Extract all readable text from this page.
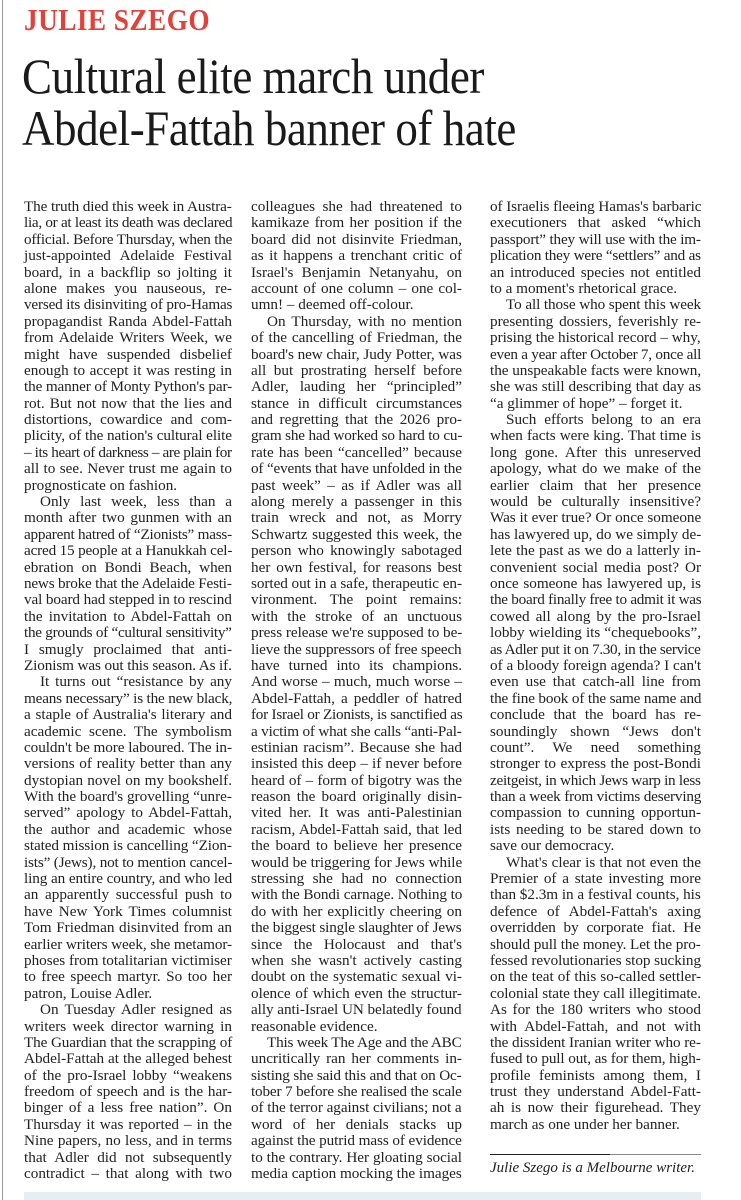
JULIE SZEGO
Cultural elite march under
Abdel-Fattah banner of hate
The truth died this week in Austra-
lia, or at least its death was declared
official. Before Thursday, when the
just-appointed Adelaide Festival
board, in a backflip so jolting it
alone makes you nauseous, re-
versed its disinviting of pro-Hamas
propagandist Randa Abdel-Fattah
from Adelaide Writers Week, we
might have suspended disbelief
enough to accept it was resting in
the manner of Monty Python's par-
rot. But not now that the lies and
distortions, cowardice and com-
plicity, of the nation's cultural elite
– its heart of darkness – are plain for
all to see. Never trust me again to
prognosticate on fashion.
Only last week, less than a
month after two gunmen with an
apparent hatred of “Zionists” mass-
acred 15 people at a Hanukkah cel-
ebration on Bondi Beach, when
news broke that the Adelaide Festi-
val board had stepped in to rescind
the invitation to Abdel-Fattah on
the grounds of “cultural sensitivity”
I smugly proclaimed that anti-
Zionism was out this season. As if.
It turns out “resistance by any
means necessary” is the new black,
a staple of Australia's literary and
academic scene. The symbolism
couldn't be more laboured. The in-
versions of reality better than any
dystopian novel on my bookshelf.
With the board's grovelling “unre-
served” apology to Abdel-Fattah,
the author and academic whose
stated mission is cancelling “Zion-
ists” (Jews), not to mention cancel-
ling an entire country, and who led
an apparently successful push to
have New York Times columnist
Tom Friedman disinvited from an
earlier writers week, she metamor-
phoses from totalitarian victimiser
to free speech martyr. So too her
patron, Louise Adler.
On Tuesday Adler resigned as
writers week director warning in
The Guardian that the scrapping of
Abdel-Fattah at the alleged behest
of the pro-Israel lobby “weakens
freedom of speech and is the har-
binger of a less free nation”. On
Thursday it was reported – in the
Nine papers, no less, and in terms
that Adler did not subsequently
contradict – that along with two
colleagues she had threatened to
kamikaze from her position if the
board did not disinvite Friedman,
as it happens a trenchant critic of
Israel's Benjamin Netanyahu, on
account of one column – one col-
umn! – deemed off-colour.
On Thursday, with no mention
of the cancelling of Friedman, the
board's new chair, Judy Potter, was
all but prostrating herself before
Adler, lauding her “principled”
stance in difficult circumstances
and regretting that the 2026 pro-
gram she had worked so hard to cu-
rate has been “cancelled” because
of “events that have unfolded in the
past week” – as if Adler was all
along merely a passenger in this
train wreck and not, as Morry
Schwartz suggested this week, the
person who knowingly sabotaged
her own festival, for reasons best
sorted out in a safe, therapeutic en-
vironment. The point remains:
with the stroke of an unctuous
press release we're supposed to be-
lieve the suppressors of free speech
have turned into its champions.
And worse – much, much worse –
Abdel-Fattah, a peddler of hatred
for Israel or Zionists, is sanctified as
a victim of what she calls “anti-Pal-
estinian racism”. Because she had
insisted this deep – if never before
heard of – form of bigotry was the
reason the board originally disin-
vited her. It was anti-Palestinian
racism, Abdel-Fattah said, that led
the board to believe her presence
would be triggering for Jews while
stressing she had no connection
with the Bondi carnage. Nothing to
do with her explicitly cheering on
the biggest single slaughter of Jews
since the Holocaust and that's
when she wasn't actively casting
doubt on the systematic sexual vi-
olence of which even the structur-
ally anti-Israel UN belatedly found
reasonable evidence.
This week The Age and the ABC
uncritically ran her comments in-
sisting she said this and that on Oc-
tober 7 before she realised the scale
of the terror against civilians; not a
word of her denials stacks up
against the putrid mass of evidence
to the contrary. Her gloating social
media caption mocking the images
of Israelis fleeing Hamas's barbaric
executioners that asked “which
passport” they will use with the im-
plication they were “settlers” and as
an introduced species not entitled
to a moment's rhetorical grace.
To all those who spent this week
presenting dossiers, feverishly re-
prising the historical record – why,
even a year after October 7, once all
the unspeakable facts were known,
she was still describing that day as
“a glimmer of hope” – forget it.
Such efforts belong to an era
when facts were king. That time is
long gone. After this unreserved
apology, what do we make of the
earlier claim that her presence
would be culturally insensitive?
Was it ever true? Or once someone
has lawyered up, do we simply de-
lete the past as we do a latterly in-
convenient social media post? Or
once someone has lawyered up, is
the board finally free to admit it was
cowed all along by the pro-Israel
lobby wielding its “chequebooks”,
as Adler put it on 7.30, in the service
of a bloody foreign agenda? I can't
even use that catch-all line from
the fine book of the same name and
conclude that the board has re-
soundingly shown “Jews don't
count”. We need something
stronger to express the post-Bondi
zeitgeist, in which Jews warp in less
than a week from victims deserving
compassion to cunning opportun-
ists needing to be stared down to
save our democracy.
What's clear is that not even the
Premier of a state investing more
than $2.3m in a festival counts, his
defence of Abdel-Fattah's axing
overridden by corporate fiat. He
should pull the money. Let the pro-
fessed revolutionaries stop sucking
on the teat of this so-called settler-
colonial state they call illegitimate.
As for the 180 writers who stood
with Abdel-Fattah, and not with
the dissident Iranian writer who re-
fused to pull out, as for them, high-
profile feminists among them, I
trust they understand Abdel-Fatt-
ah is now their figurehead. They
march as one under her banner.
Julie Szego is a Melbourne writer.
